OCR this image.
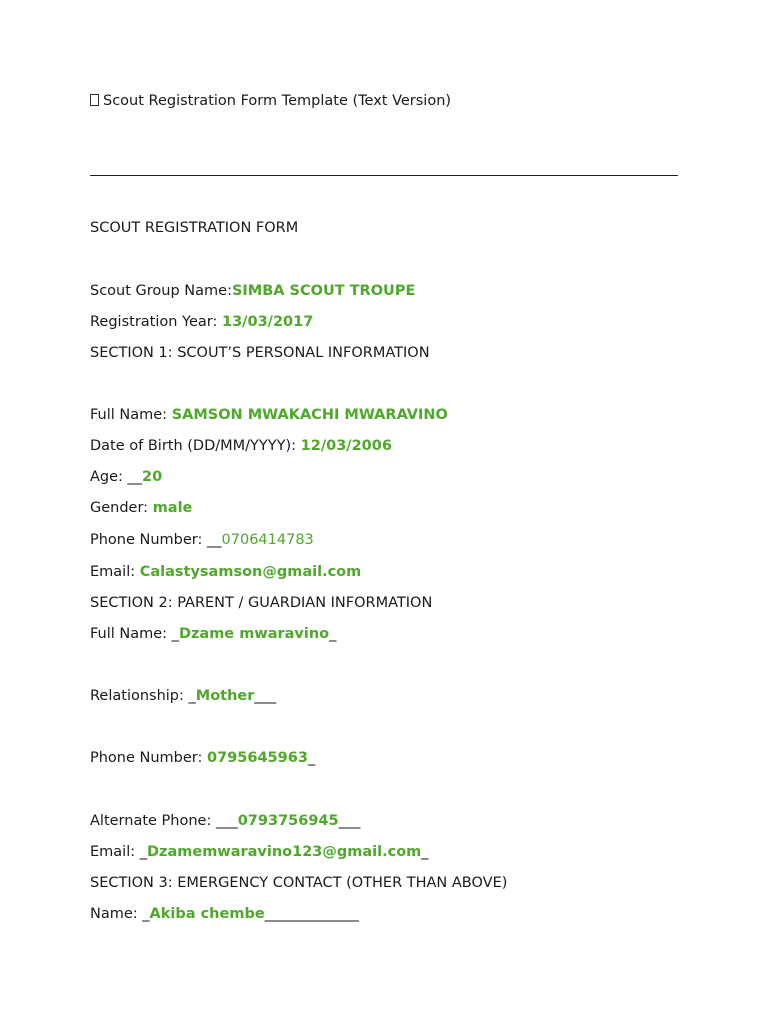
Scout Registration Form Template (Text Version)
SCOUT REGISTRATION FORM
Scout Group Name:SIMBA SCOUT TROUPE
Registration Year: 13/03/2017
SECTION 1: SCOUT’S PERSONAL INFORMATION
Full Name: SAMSON MWAKACHI MWARAVINO
Date of Birth (DD/MM/YYYY): 12/03/2006
Age: __20
Gender: male
Phone Number: __0706414783
Email: Calastysamson@gmail.com
SECTION 2: PARENT / GUARDIAN INFORMATION
Full Name: _Dzame mwaravino_
Relationship: _Mother___
Phone Number: 0795645963_
Alternate Phone: ___0793756945___
Email: _Dzamemwaravino123@gmail.com_
SECTION 3: EMERGENCY CONTACT (OTHER THAN ABOVE)
Name: _Akiba chembe_____________
